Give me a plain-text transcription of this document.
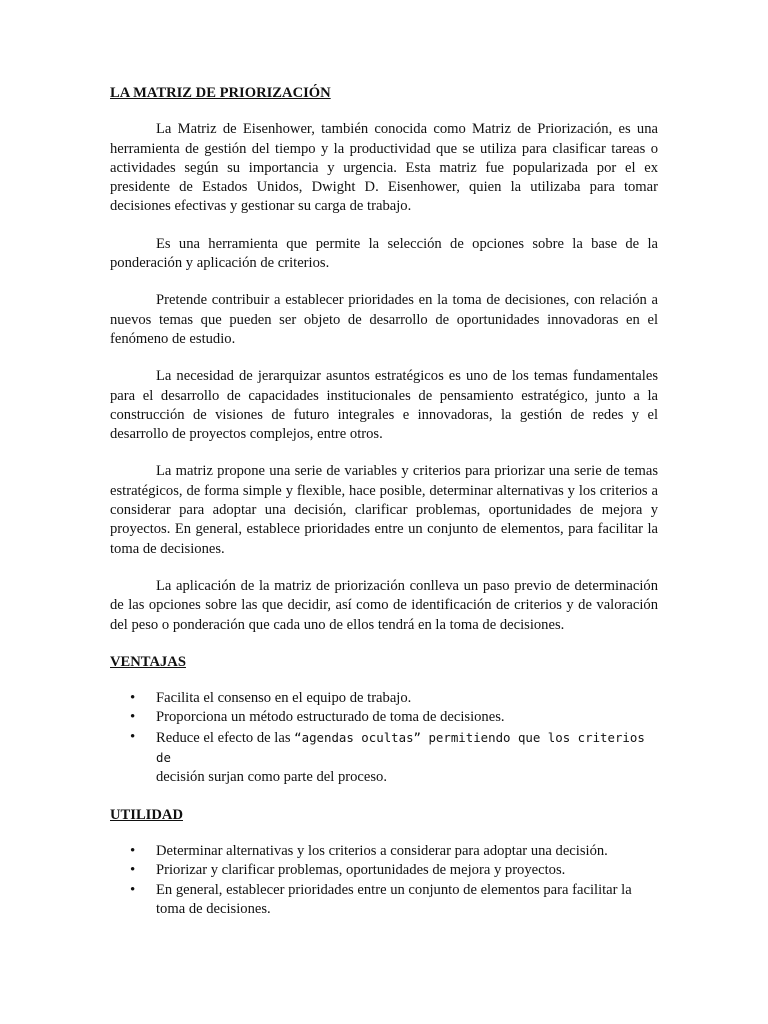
LA MATRIZ DE PRIORIZACIÓN

La Matriz de Eisenhower, también conocida como Matriz de Priorización, es una herramienta de gestión del tiempo y la productividad que se utiliza para clasificar tareas o actividades según su importancia y urgencia. Esta matriz fue popularizada por el ex presidente de Estados Unidos, Dwight D. Eisenhower, quien la utilizaba para tomar decisiones efectivas y gestionar su carga de trabajo.

Es una herramienta que permite la selección de opciones sobre la base de la ponderación y aplicación de criterios.

Pretende contribuir a establecer prioridades en la toma de decisiones, con relación a nuevos temas que pueden ser objeto de desarrollo de oportunidades innovadoras en el fenómeno de estudio.

La necesidad de jerarquizar asuntos estratégicos es uno de los temas fundamentales para el desarrollo de capacidades institucionales de pensamiento estratégico, junto a la construcción de visiones de futuro integrales e innovadoras, la gestión de redes y el desarrollo de proyectos complejos, entre otros.

La matriz propone una serie de variables y criterios para priorizar una serie de temas estratégicos, de forma simple y flexible, hace posible, determinar alternativas y los criterios a considerar para adoptar una decisión, clarificar problemas, oportunidades de mejora y proyectos. En general, establece prioridades entre un conjunto de elementos, para facilitar la toma de decisiones.

La aplicación de la matriz de priorización conlleva un paso previo de determinación de las opciones sobre las que decidir, así como de identificación de criterios y de valoración del peso o ponderación que cada uno de ellos tendrá en la toma de decisiones.

VENTAJAS
• Facilita el consenso en el equipo de trabajo.
• Proporciona un método estructurado de toma de decisiones.
• Reduce el efecto de las “agendas ocultas” permitiendo que los criterios de
decisión surjan como parte del proceso.
UTILIDAD
• Determinar alternativas y los criterios a considerar para adoptar una decisión.
• Priorizar y clarificar problemas, oportunidades de mejora y proyectos.
• En general, establecer prioridades entre un conjunto de elementos para facilitar la toma de decisiones.
